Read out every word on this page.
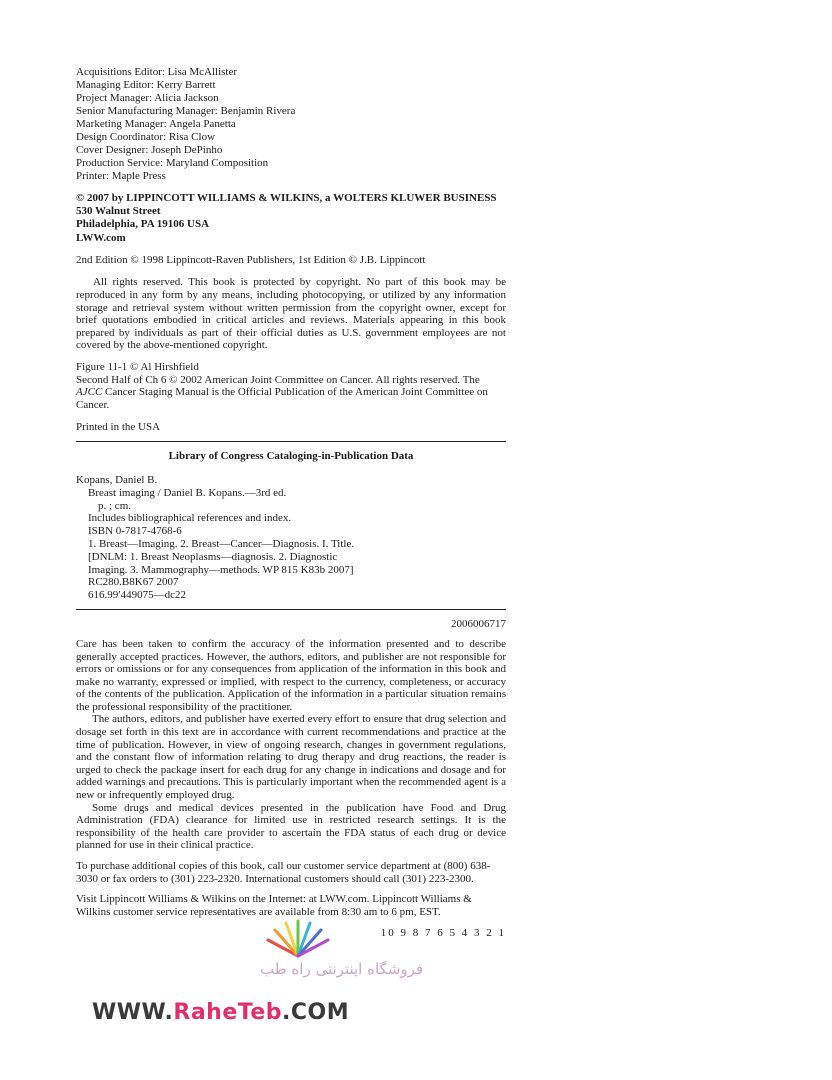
Acquisitions Editor: Lisa McAllister
Managing Editor: Kerry Barrett
Project Manager: Alicia Jackson
Senior Manufacturing Manager: Benjamin Rivera
Marketing Manager: Angela Panetta
Design Coordinator: Risa Clow
Cover Designer: Joseph DePinho
Production Service: Maryland Composition
Printer: Maple Press
© 2007 by LIPPINCOTT WILLIAMS & WILKINS, a WOLTERS KLUWER BUSINESS
530 Walnut Street
Philadelphia, PA 19106 USA
LWW.com

2nd Edition © 1998 Lippincott-Raven Publishers, 1st Edition © J.B. Lippincott

All rights reserved. This book is protected by copyright. No part of this book may be reproduced in any form by any means, including photocopying, or utilized by any information storage and retrieval system without written permission from the copyright owner, except for brief quotations embodied in critical articles and reviews. Materials appearing in this book prepared by individuals as part of their official duties as U.S. government employees are not covered by the above-mentioned copyright.

Figure 11-1 © Al Hirshfield

Second Half of Ch 6 © 2002 American Joint Committee on Cancer. All rights reserved. The AJCC Cancer Staging Manual is the Official Publication of the American Joint Committee on Cancer.

Printed in the USA

Library of Congress Cataloging-in-Publication Data
Kopans, Daniel B.
Breast imaging / Daniel B. Kopans.—3rd ed.
p. ; cm.
Includes bibliographical references and index.
ISBN 0-7817-4768-6
1. Breast—Imaging. 2. Breast—Cancer—Diagnosis. I. Title.
[DNLM: 1. Breast Neoplasms—diagnosis. 2. Diagnostic
Imaging. 3. Mammography—methods. WP 815 K83b 2007]
RC280.B8K67 2007
616.99′449075—dc22
2006006717

Care has been taken to confirm the accuracy of the information presented and to describe generally accepted practices. However, the authors, editors, and publisher are not responsible for errors or omissions or for any consequences from application of the information in this book and make no warranty, expressed or implied, with respect to the currency, completeness, or accuracy of the contents of the publication. Application of the information in a particular situation remains the professional responsibility of the practitioner.

The authors, editors, and publisher have exerted every effort to ensure that drug selection and dosage set forth in this text are in accordance with current recommendations and practice at the time of publication. However, in view of ongoing research, changes in government regulations, and the constant flow of information relating to drug therapy and drug reactions, the reader is urged to check the package insert for each drug for any change in indications and dosage and for added warnings and precautions. This is particularly important when the recommended agent is a new or infrequently employed drug.

Some drugs and medical devices presented in the publication have Food and Drug Administration (FDA) clearance for limited use in restricted research settings. It is the responsibility of the health care provider to ascertain the FDA status of each drug or device planned for use in their clinical practice.

To purchase additional copies of this book, call our customer service department at (800) 638-3030 or fax orders to (301) 223-2320. International customers should call (301) 223-2300.

Visit Lippincott Williams & Wilkins on the Internet: at LWW.com. Lippincott Williams & Wilkins customer service representatives are available from 8:30 am to 6 pm, EST.

10 9 8 7 6 5 4 3 2 1
فروشگاه اینترنتی راه طب
WWW.RaheTeb.COM
